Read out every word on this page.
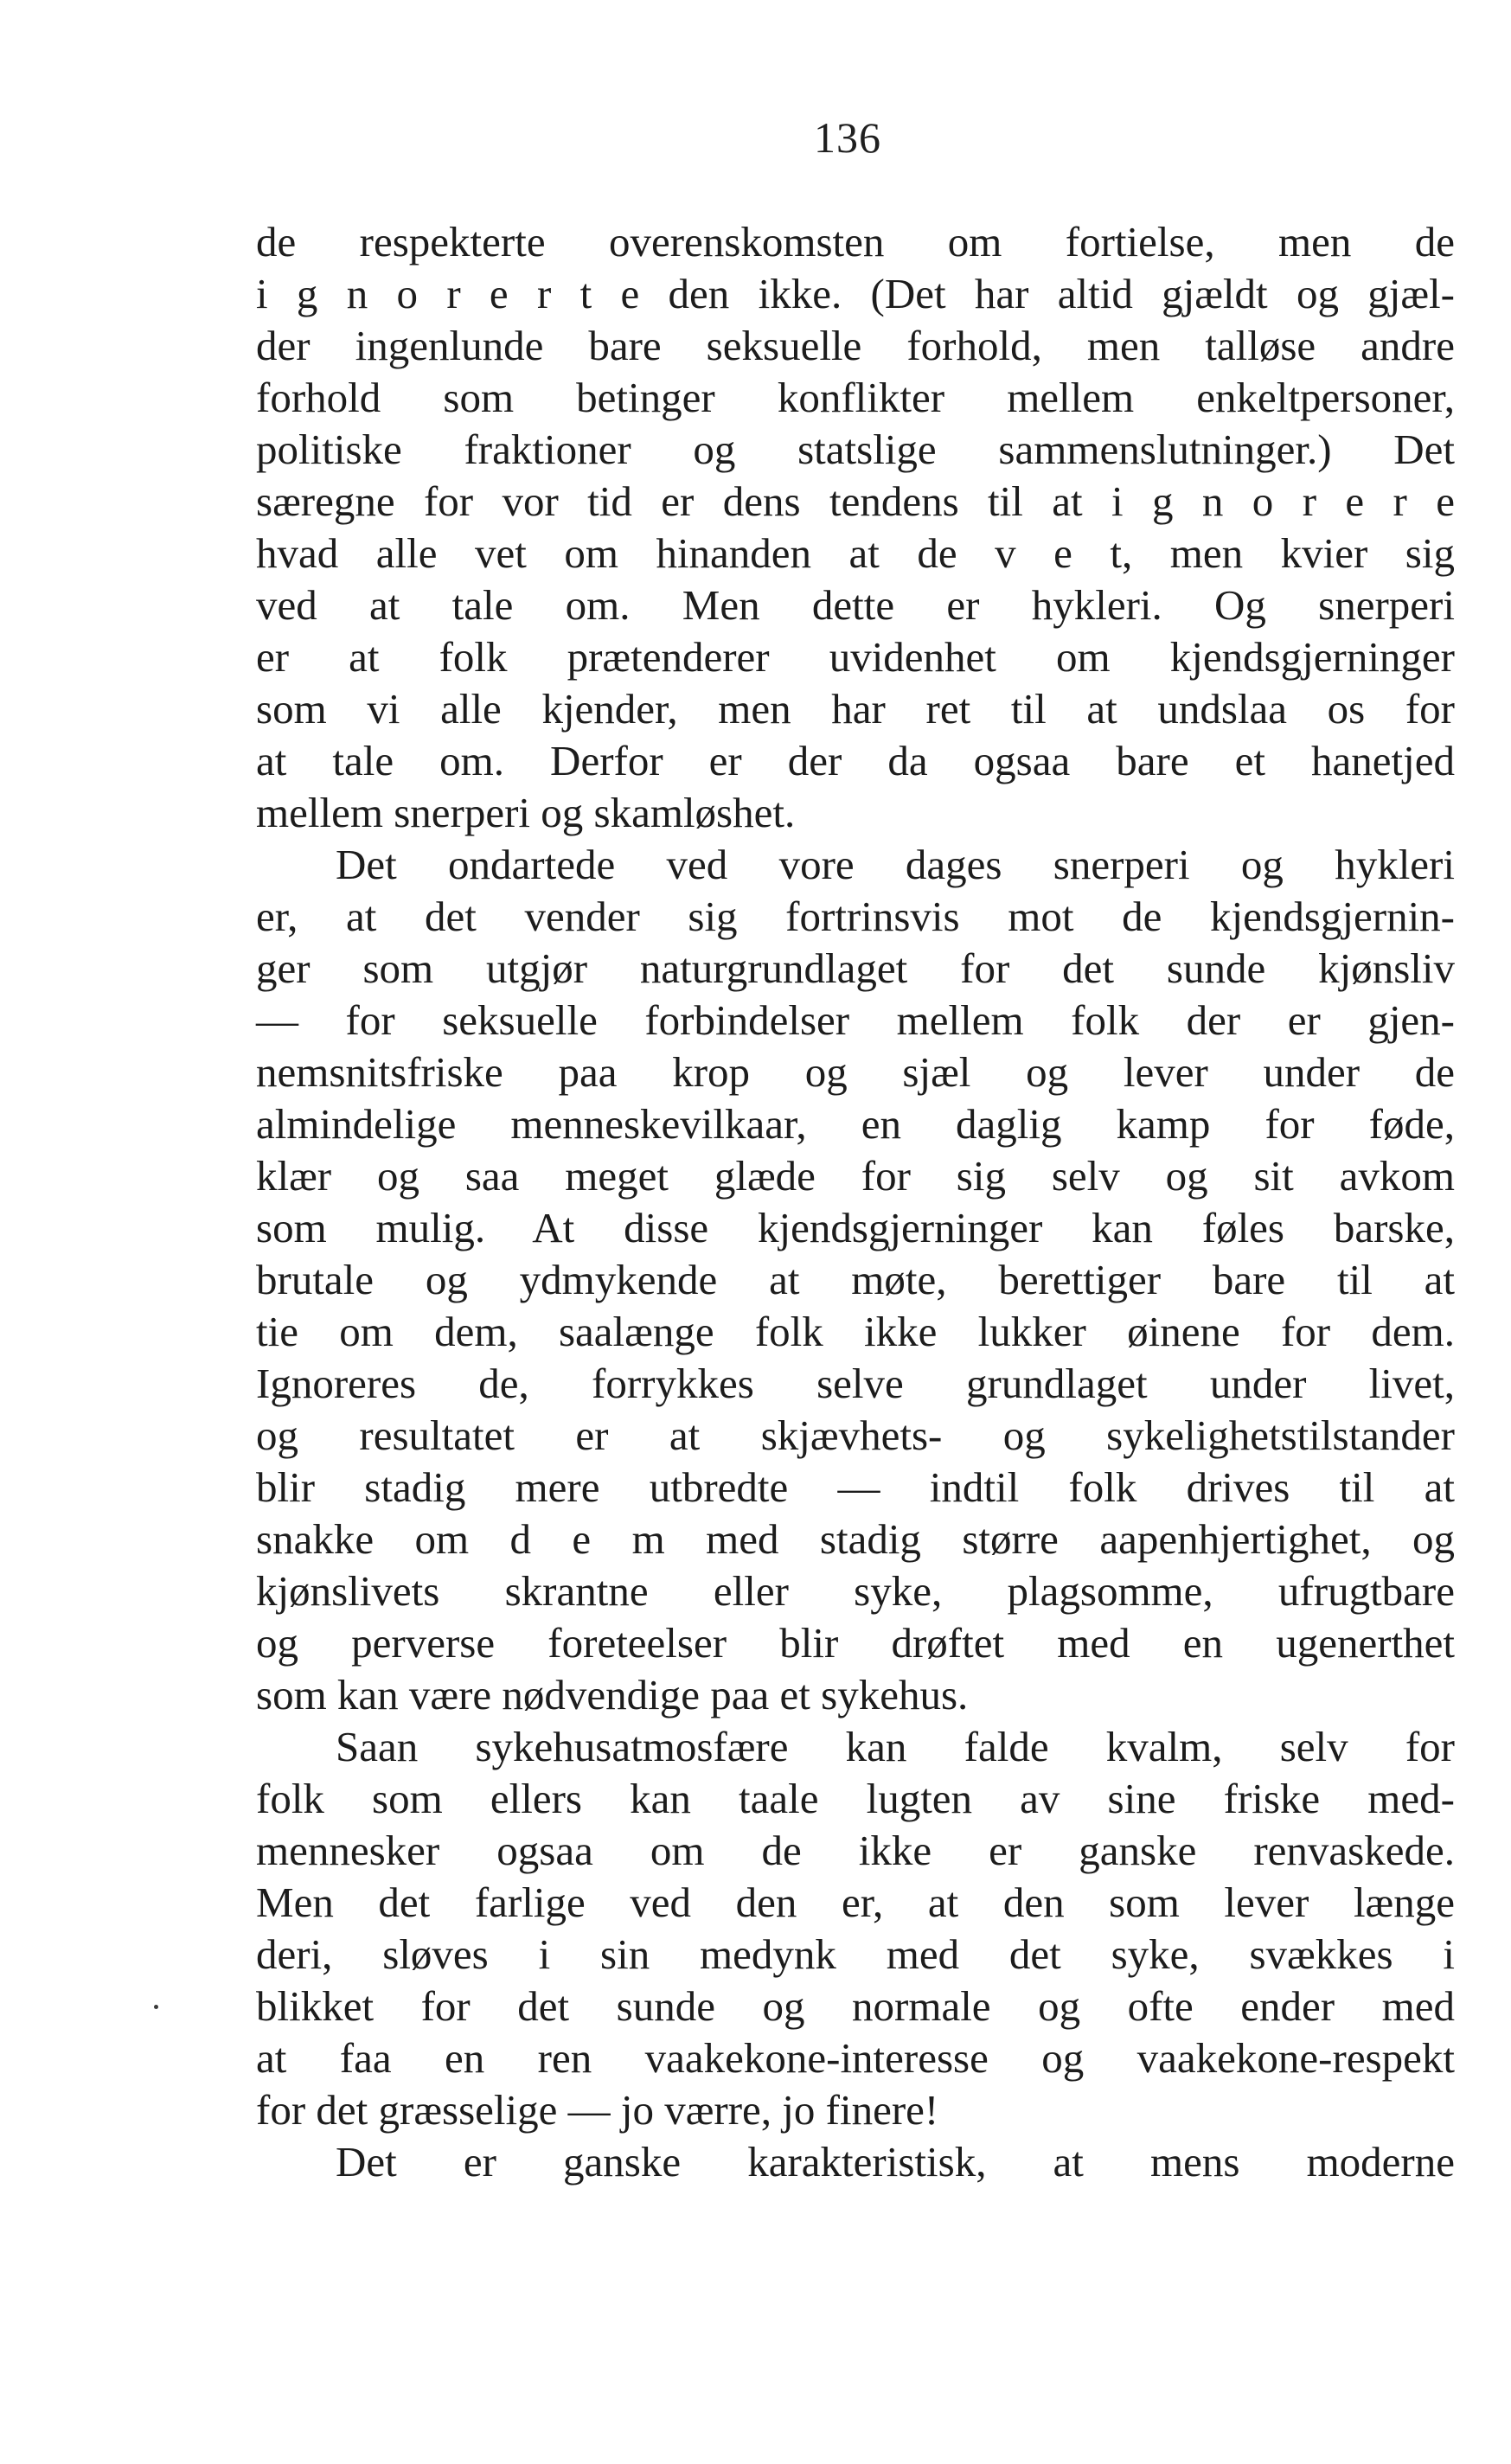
136
de respekterte overenskomsten om fortielse, men de
i g n o r e r t e den ikke. (Det har altid gjældt og gjæl-
der ingenlunde bare seksuelle forhold, men talløse andre
forhold som betinger konflikter mellem enkeltpersoner,
politiske fraktioner og statslige sammenslutninger.) Det
særegne for vor tid er dens tendens til at i g n o r e r e
hvad alle vet om hinanden at de v e t, men kvier sig
ved at tale om. Men dette er hykleri. Og snerperi
er at folk prætenderer uvidenhet om kjendsgjerninger
som vi alle kjender, men har ret til at undslaa os for
at tale om. Derfor er der da ogsaa bare et hanetjed
mellem snerperi og skamløshet.
Det ondartede ved vore dages snerperi og hykleri
er, at det vender sig fortrinsvis mot de kjendsgjernin-
ger som utgjør naturgrundlaget for det sunde kjønsliv
— for seksuelle forbindelser mellem folk der er gjen-
nemsnitsfriske paa krop og sjæl og lever under de
almindelige menneskevilkaar, en daglig kamp for føde,
klær og saa meget glæde for sig selv og sit avkom
som mulig. At disse kjendsgjerninger kan føles barske,
brutale og ydmykende at møte, berettiger bare til at
tie om dem, saalænge folk ikke lukker øinene for dem.
Ignoreres de, forrykkes selve grundlaget under livet,
og resultatet er at skjævhets- og sykelighetstilstander
blir stadig mere utbredte — indtil folk drives til at
snakke om d e m med stadig større aapenhjertighet, og
kjønslivets skrantne eller syke, plagsomme, ufrugtbare
og perverse foreteelser blir drøftet med en ugenerthet
som kan være nødvendige paa et sykehus.
Saan sykehusatmosfære kan falde kvalm, selv for
folk som ellers kan taale lugten av sine friske med-
mennesker ogsaa om de ikke er ganske renvaskede.
Men det farlige ved den er, at den som lever længe
deri, sløves i sin medynk med det syke, svækkes i
blikket for det sunde og normale og ofte ender med
at faa en ren vaakekone-interesse og vaakekone-respekt
for det græsselige — jo værre, jo finere!
Det er ganske karakteristisk, at mens moderne
